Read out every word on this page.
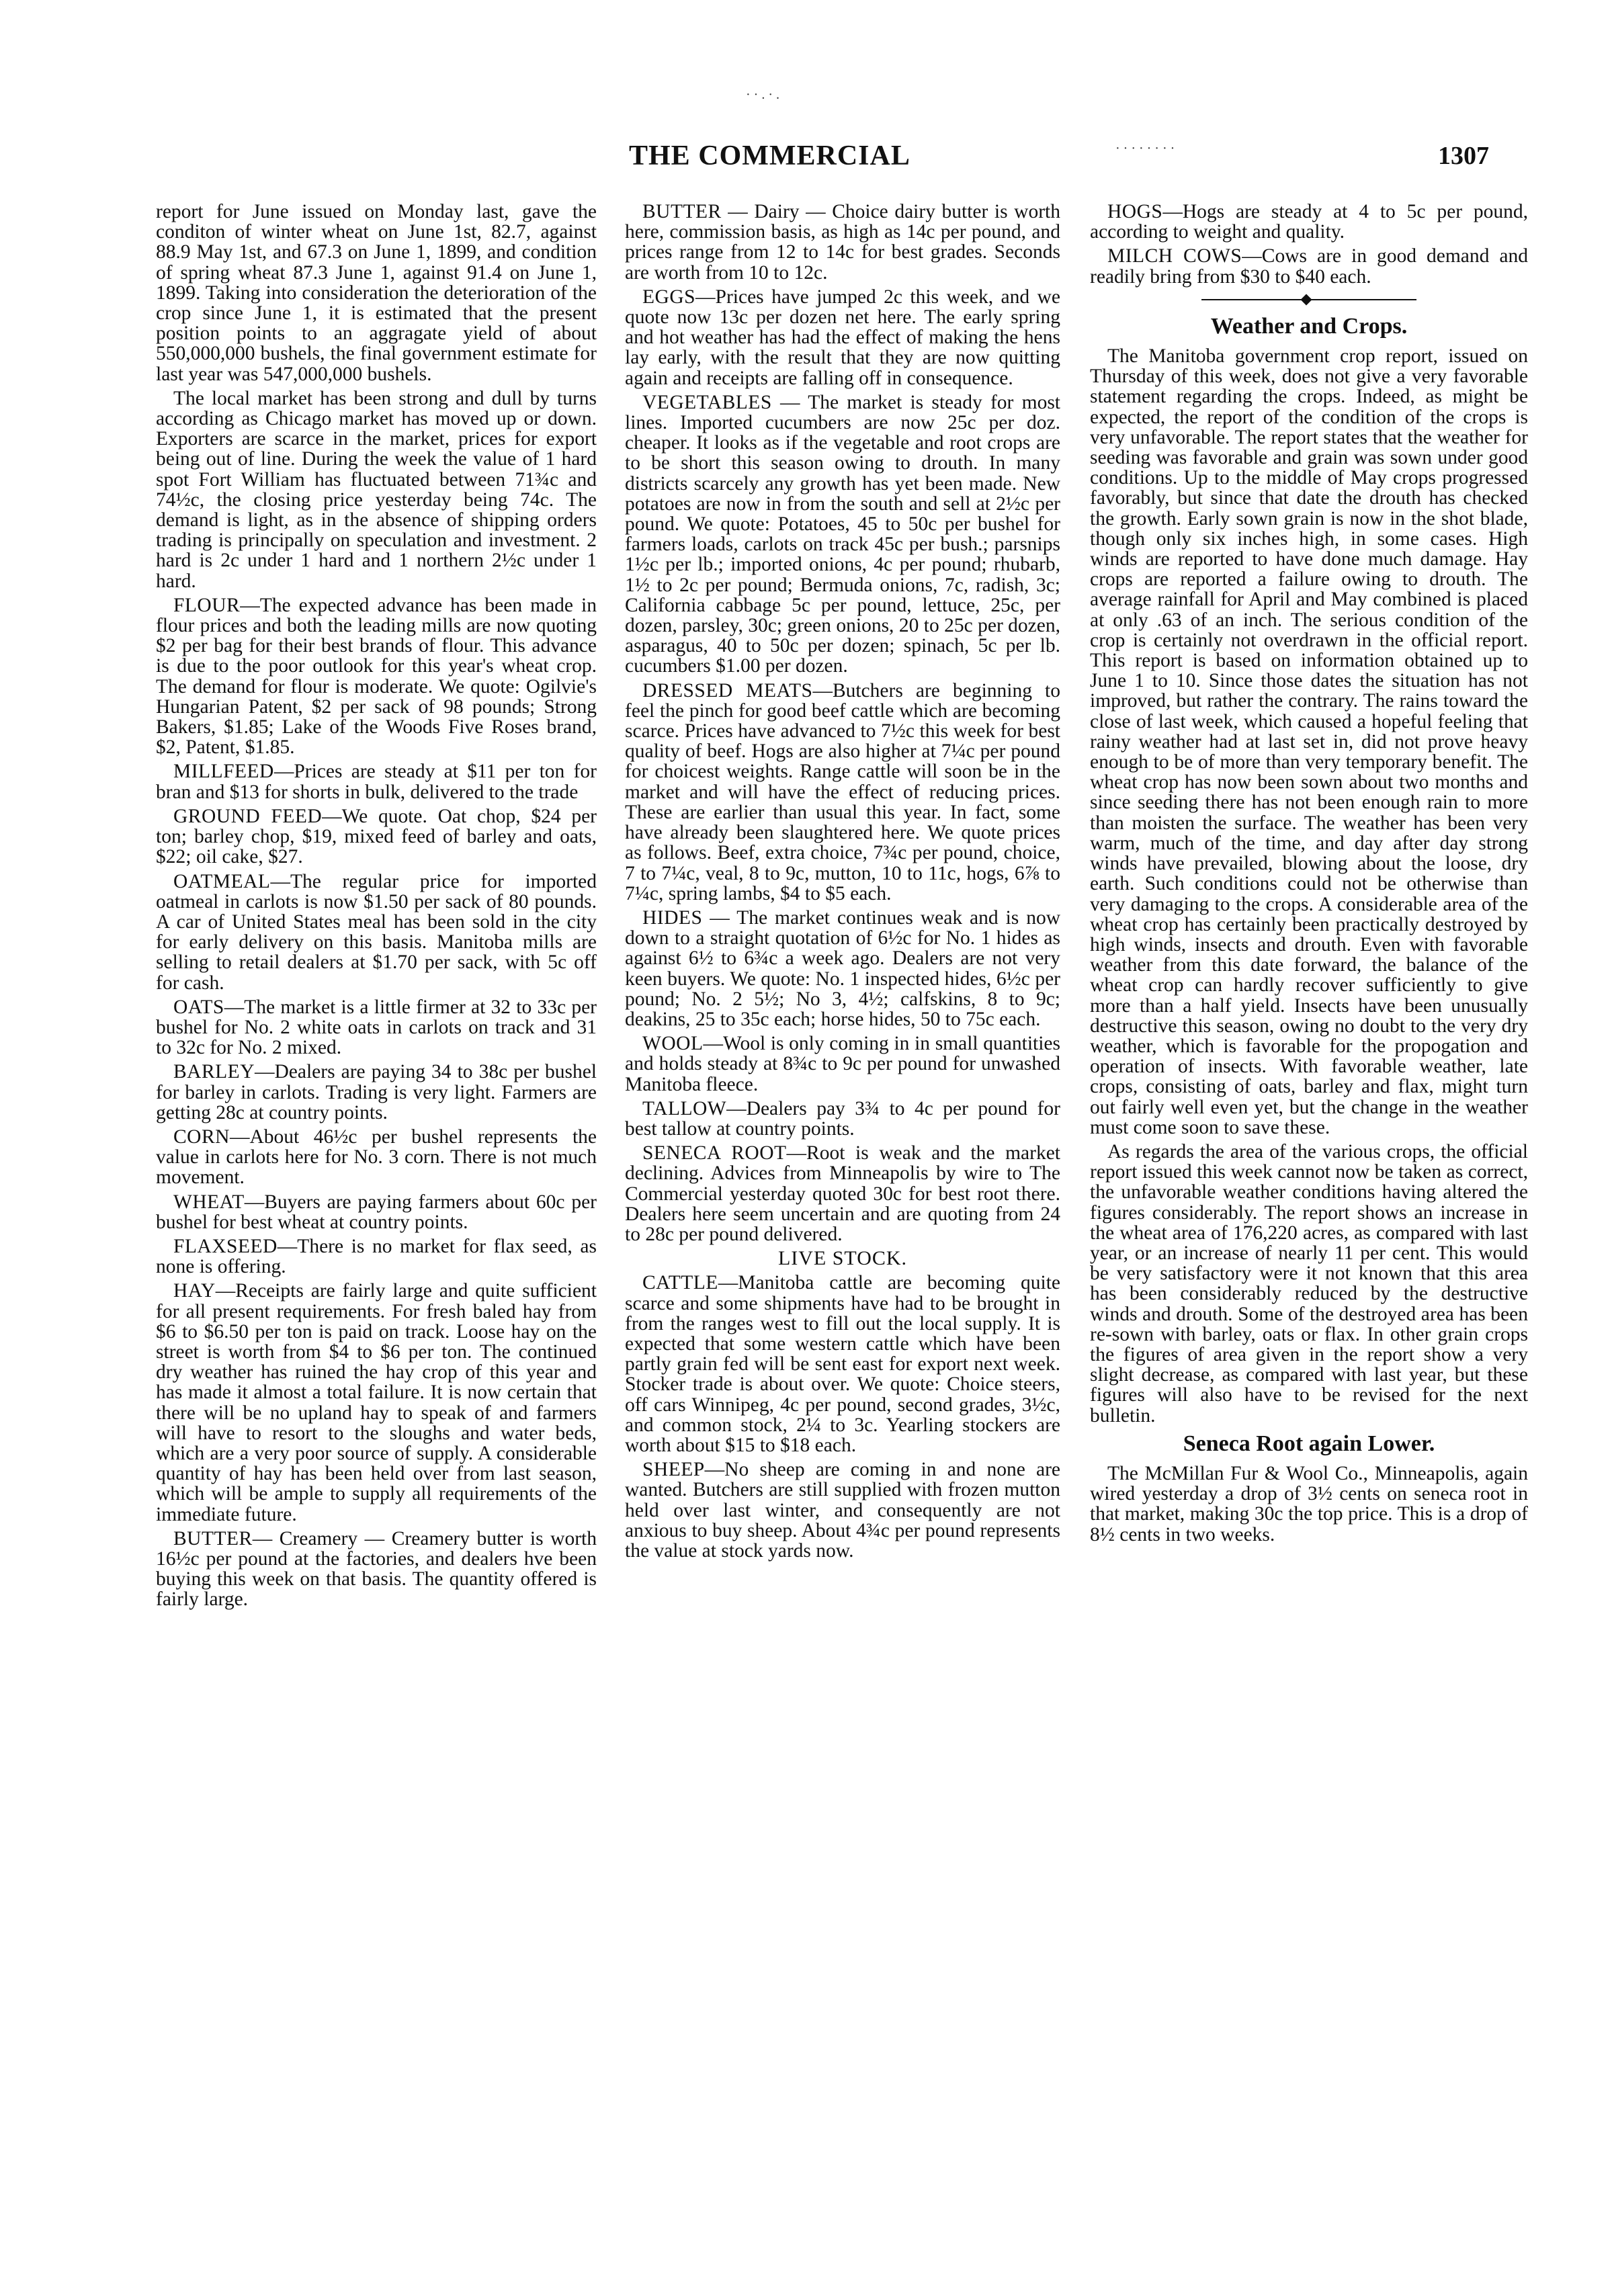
THE COMMERCIAL	1307
· · . · .
· · · · · · · ·

report for June issued on Monday last, gave the conditon of winter wheat on June 1st, 82.7, against 88.9 May 1st, and 67.3 on June 1, 1899, and condition of spring wheat 87.3 June 1, against 91.4 on June 1, 1899. Taking into consideration the deterioration of the crop since June 1, it is estimated that the present position points to an aggragate yield of about 550,000,000 bushels, the final government estimate for last year was 547,000,000 bushels.

The local market has been strong and dull by turns according as Chicago market has moved up or down. Exporters are scarce in the market, prices for export being out of line. During the week the value of 1 hard spot Fort William has fluctuated between 71¾c and 74½c, the closing price yesterday being 74c. The demand is light, as in the absence of shipping orders trading is principally on speculation and investment. 2 hard is 2c under 1 hard and 1 northern 2½c under 1 hard.

FLOUR—The expected advance has been made in flour prices and both the leading mills are now quoting $2 per bag for their best brands of flour. This advance is due to the poor outlook for this year's wheat crop. The demand for flour is moderate. We quote: Ogilvie's Hungarian Patent, $2 per sack of 98 pounds; Strong Bakers, $1.85; Lake of the Woods Five Roses brand, $2, Patent, $1.85.

MILLFEED—Prices are steady at $11 per ton for bran and $13 for shorts in bulk, delivered to the trade

GROUND FEED—We quote. Oat chop, $24 per ton; barley chop, $19, mixed feed of barley and oats, $22; oil cake, $27.

OATMEAL—The regular price for imported oatmeal in carlots is now $1.50 per sack of 80 pounds. A car of United States meal has been sold in the city for early delivery on this basis. Manitoba mills are selling to retail dealers at $1.70 per sack, with 5c off for cash.

OATS—The market is a little firmer at 32 to 33c per bushel for No. 2 white oats in carlots on track and 31 to 32c for No. 2 mixed.

BARLEY—Dealers are paying 34 to 38c per bushel for barley in carlots. Trading is very light. Farmers are getting 28c at country points.

CORN—About 46½c per bushel represents the value in carlots here for No. 3 corn. There is not much movement.

WHEAT—Buyers are paying farmers about 60c per bushel for best wheat at country points.

FLAXSEED—There is no market for flax seed, as none is offering.

HAY—Receipts are fairly large and quite sufficient for all present requirements. For fresh baled hay from $6 to $6.50 per ton is paid on track. Loose hay on the street is worth from $4 to $6 per ton. The continued dry weather has ruined the hay crop of this year and has made it almost a total failure. It is now certain that there will be no upland hay to speak of and farmers will have to resort to the sloughs and water beds, which are a very poor source of supply. A considerable quantity of hay has been held over from last season, which will be ample to supply all requirements of the immediate future.

BUTTER— Creamery — Creamery butter is worth 16½c per pound at the factories, and dealers hve been buying this week on that basis. The quantity offered is fairly large.

BUTTER — Dairy — Choice dairy butter is worth here, commission basis, as high as 14c per pound, and prices range from 12 to 14c for best grades. Seconds are worth from 10 to 12c.

EGGS—Prices have jumped 2c this week, and we quote now 13c per dozen net here. The early spring and hot weather has had the effect of making the hens lay early, with the result that they are now quitting again and receipts are falling off in consequence.

VEGETABLES — The market is steady for most lines. Imported cucumbers are now 25c per doz. cheaper. It looks as if the vegetable and root crops are to be short this season owing to drouth. In many districts scarcely any growth has yet been made. New potatoes are now in from the south and sell at 2½c per pound. We quote: Potatoes, 45 to 50c per bushel for farmers loads, carlots on track 45c per bush.; parsnips 1½c per lb.; imported onions, 4c per pound; rhubarb, 1½ to 2c per pound; Bermuda onions, 7c, radish, 3c; California cabbage 5c per pound, lettuce, 25c, per dozen, parsley, 30c; green onions, 20 to 25c per dozen, asparagus, 40 to 50c per dozen; spinach, 5c per lb. cucumbers $1.00 per dozen.

DRESSED MEATS—Butchers are beginning to feel the pinch for good beef cattle which are becoming scarce. Prices have advanced to 7½c this week for best quality of beef. Hogs are also higher at 7¼c per pound for choicest weights. Range cattle will soon be in the market and will have the effect of reducing prices. These are earlier than usual this year. In fact, some have already been slaughtered here. We quote prices as follows. Beef, extra choice, 7¾c per pound, choice, 7 to 7¼c, veal, 8 to 9c, mutton, 10 to 11c, hogs, 6⅞ to 7¼c, spring lambs, $4 to $5 each.

HIDES — The market continues weak and is now down to a straight quotation of 6½c for No. 1 hides as against 6½ to 6¾c a week ago. Dealers are not very keen buyers. We quote: No. 1 inspected hides, 6½c per pound; No. 2 5½; No 3, 4½; calfskins, 8 to 9c; deakins, 25 to 35c each; horse hides, 50 to 75c each.

WOOL—Wool is only coming in in small quantities and holds steady at 8¾c to 9c per pound for unwashed Manitoba fleece.

TALLOW—Dealers pay 3¾ to 4c per pound for best tallow at country points.

SENECA ROOT—Root is weak and the market declining. Advices from Minneapolis by wire to The Commercial yesterday quoted 30c for best root there. Dealers here seem uncertain and are quoting from 24 to 28c per pound delivered.

LIVE STOCK.

CATTLE—Manitoba cattle are becoming quite scarce and some shipments have had to be brought in from the ranges west to fill out the local supply. It is expected that some western cattle which have been partly grain fed will be sent east for export next week. Stocker trade is about over. We quote: Choice steers, off cars Winnipeg, 4c per pound, second grades, 3½c, and common stock, 2¼ to 3c. Yearling stockers are worth about $15 to $18 each.

SHEEP—No sheep are coming in and none are wanted. Butchers are still supplied with frozen mutton held over last winter, and consequently are not anxious to buy sheep. About 4¾c per pound represents the value at stock yards now.

HOGS—Hogs are steady at 4 to 5c per pound, according to weight and quality.

MILCH COWS—Cows are in good demand and readily bring from $30 to $40 each.

Weather and Crops.

The Manitoba government crop report, issued on Thursday of this week, does not give a very favorable statement regarding the crops. Indeed, as might be expected, the report of the condition of the crops is very unfavorable. The report states that the weather for seeding was favorable and grain was sown under good conditions. Up to the middle of May crops progressed favorably, but since that date the drouth has checked the growth. Early sown grain is now in the shot blade, though only six inches high, in some cases. High winds are reported to have done much damage. Hay crops are reported a failure owing to drouth. The average rainfall for April and May combined is placed at only .63 of an inch. The serious condition of the crop is certainly not overdrawn in the official report. This report is based on information obtained up to June 1 to 10. Since those dates the situation has not improved, but rather the contrary. The rains toward the close of last week, which caused a hopeful feeling that rainy weather had at last set in, did not prove heavy enough to be of more than very temporary benefit. The wheat crop has now been sown about two months and since seeding there has not been enough rain to more than moisten the surface. The weather has been very warm, much of the time, and day after day strong winds have prevailed, blowing about the loose, dry earth. Such conditions could not be otherwise than very damaging to the crops. A considerable area of the wheat crop has certainly been practically destroyed by high winds, insects and drouth. Even with favorable weather from this date forward, the balance of the wheat crop can hardly recover sufficiently to give more than a half yield. Insects have been unusually destructive this season, owing no doubt to the very dry weather, which is favorable for the propogation and operation of insects. With favorable weather, late crops, consisting of oats, barley and flax, might turn out fairly well even yet, but the change in the weather must come soon to save these.

As regards the area of the various crops, the official report issued this week cannot now be taken as correct, the unfavorable weather conditions having altered the figures considerably. The report shows an increase in the wheat area of 176,220 acres, as compared with last year, or an increase of nearly 11 per cent. This would be very satisfactory were it not known that this area has been considerably reduced by the destructive winds and drouth. Some of the destroyed area has been re-sown with barley, oats or flax. In other grain crops the figures of area given in the report show a very slight decrease, as compared with last year, but these figures will also have to be revised for the next bulletin.

Seneca Root again Lower.

The McMillan Fur & Wool Co., Minneapolis, again wired yesterday a drop of 3½ cents on seneca root in that market, making 30c the top price. This is a drop of 8½ cents in two weeks.
